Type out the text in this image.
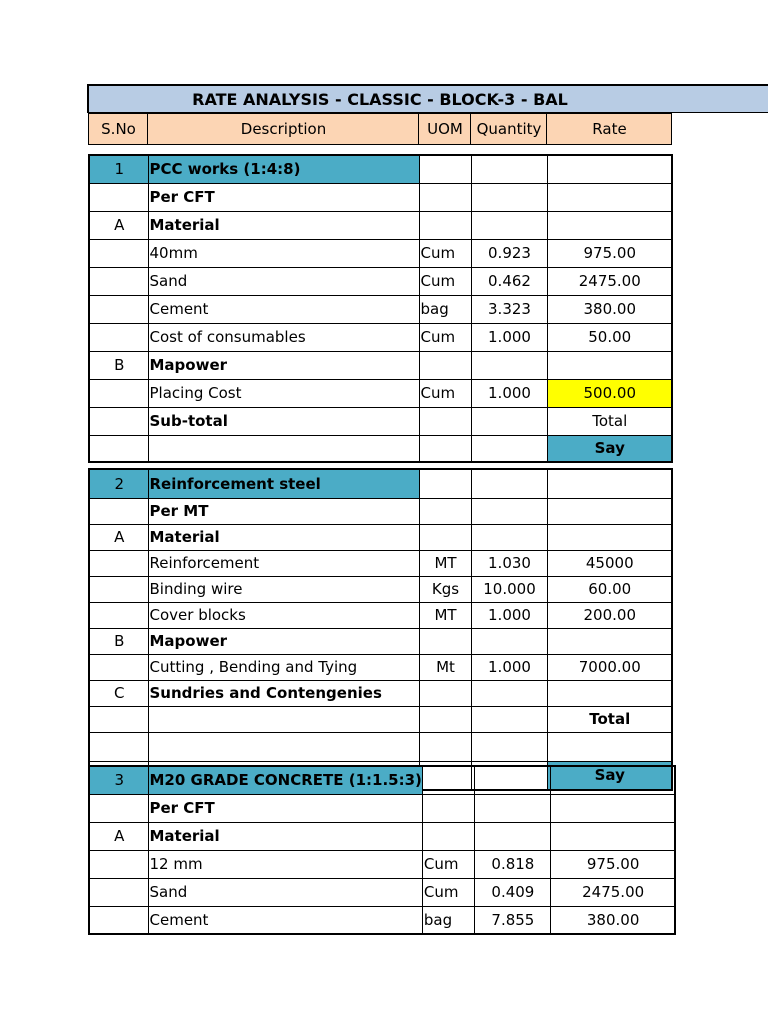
RATE ANALYSIS - CLASSIC - BLOCK-3 - BAL
S.No	Description	UOM	Quantity	Rate
1	PCC works (1:4:8)			
	Per CFT			
A	Material			
	40mm	Cum	0.923	975.00
	Sand	Cum	0.462	2475.00
	Cement	bag	3.323	380.00
	Cost of consumables	Cum	1.000	50.00
B	Mapower			
	Placing Cost	Cum	1.000	500.00
	Sub-total			Total
				Say
2	Reinforcement steel			
	Per MT			
A	Material			
	Reinforcement	MT	1.030	45000
	Binding wire	Kgs	10.000	60.00
	Cover blocks	MT	1.000	200.00
B	Mapower			
	Cutting , Bending and Tying	Mt	1.000	7000.00
C	Sundries and Contengenies			
				Total

				Say
3	M20 GRADE CONCRETE (1:1.5:3)			
	Per CFT			
A	Material			
	12 mm	Cum	0.818	975.00
	Sand	Cum	0.409	2475.00
	Cement	bag	7.855	380.00
